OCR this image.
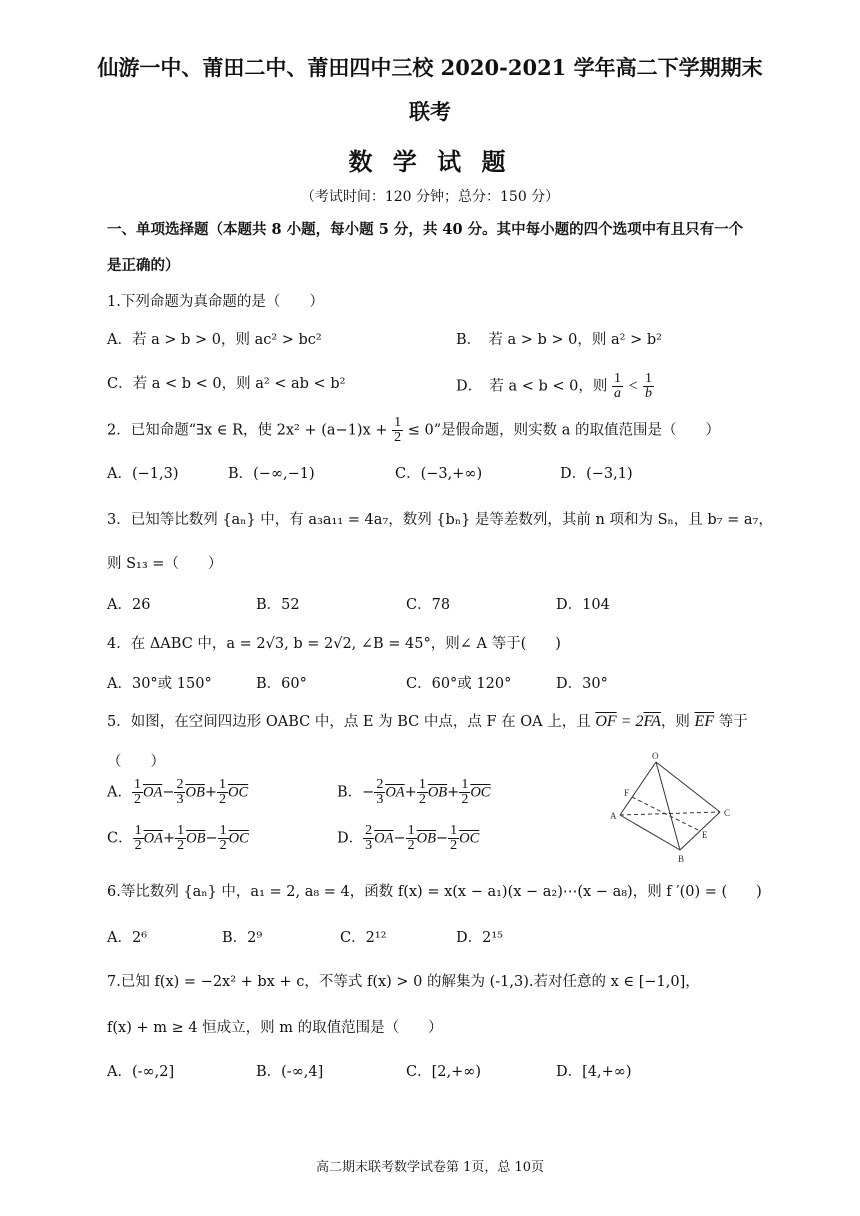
仙游一中、莆田二中、莆田四中三校 2020-2021 学年高二下学期期末
联考
数 学 试 题
（考试时间：120 分钟；总分：150 分）
一、单项选择题（本题共 8 小题，每小题 5 分，共 40 分。其中每小题的四个选项中有且只有一个
是正确的）
1.下列命题为真命题的是（　　）
A．若 a > b > 0，则 ac² > bc²	B．　若 a > b > 0，则 a² > b²
C．若 a < b < 0，则 a² < ab < b²	D．　若 a < b < 0，则 $\frac{1}{a} < \frac{1}{b}$
2．已知命题“∃x ∈ R，使 $2x^2 + (a-1)x + \frac{1}{2} \le 0$”是假命题，则实数 a 的取值范围是（　　）
A．(−1,3)	B．(−∞,−1)	C．(−3,+∞)	D．(−3,1)
3．已知等比数列 {aₙ} 中，有 a₃a₁₁ = 4a₇，数列 {bₙ} 是等差数列，其前 n 项和为 Sₙ，且 b₇ = a₇，
则 S₁₃ =（　　）
A．26	B．52	C．78	D．104
4．在 ΔABC 中，a = 2√3, b = 2√2, ∠B = 45°，则∠ A 等于(　　)
A．30°或 150°	B．60°	C．60°或 120°	D．30°
5．如图，在空间四边形 OABC 中，点 E 为 BC 中点，点 F 在 OA 上，且 $\overline{OF} = 2\overline{FA}$，则 $\overline{EF}$ 等于
（　　）
A． $\frac{1}{2} \overline{OA}- \frac{2}{3} \overline{OB}+ \frac{1}{2} \overline{OC}$	B．− $\frac{2}{3} \overline{OA}+ \frac{1}{2} \overline{OB}+ \frac{1}{2} \overline{OC}$
C． $\frac{1}{2} \overline{OA}+ \frac{1}{2} \overline{OB}- \frac{1}{2} \overline{OC}$	D． $\frac{2}{3} \overline{OA}- \frac{1}{2} \overline{OB}- \frac{1}{2} \overline{OC}$
O
A
F
C
E
B
6.等比数列 {aₙ} 中，a₁ = 2, a₈ = 4，函数 f(x) = x(x − a₁)(x − a₂)⋯(x − a₈)，则 f ′(0) = (　　)
A．2⁶	B．2⁹	C．2¹²	D．2¹⁵
7.已知 f(x) = −2x² + bx + c，不等式 f(x) > 0 的解集为 (-1,3).若对任意的 x ∈ [−1,0]，
f(x) + m ≥ 4 恒成立，则 m 的取值范围是（　　）
A．(-∞,2]	B．(-∞,4]	C．[2,+∞)	D．[4,+∞)
高二期末联考数学试卷第 1页，总 10页
